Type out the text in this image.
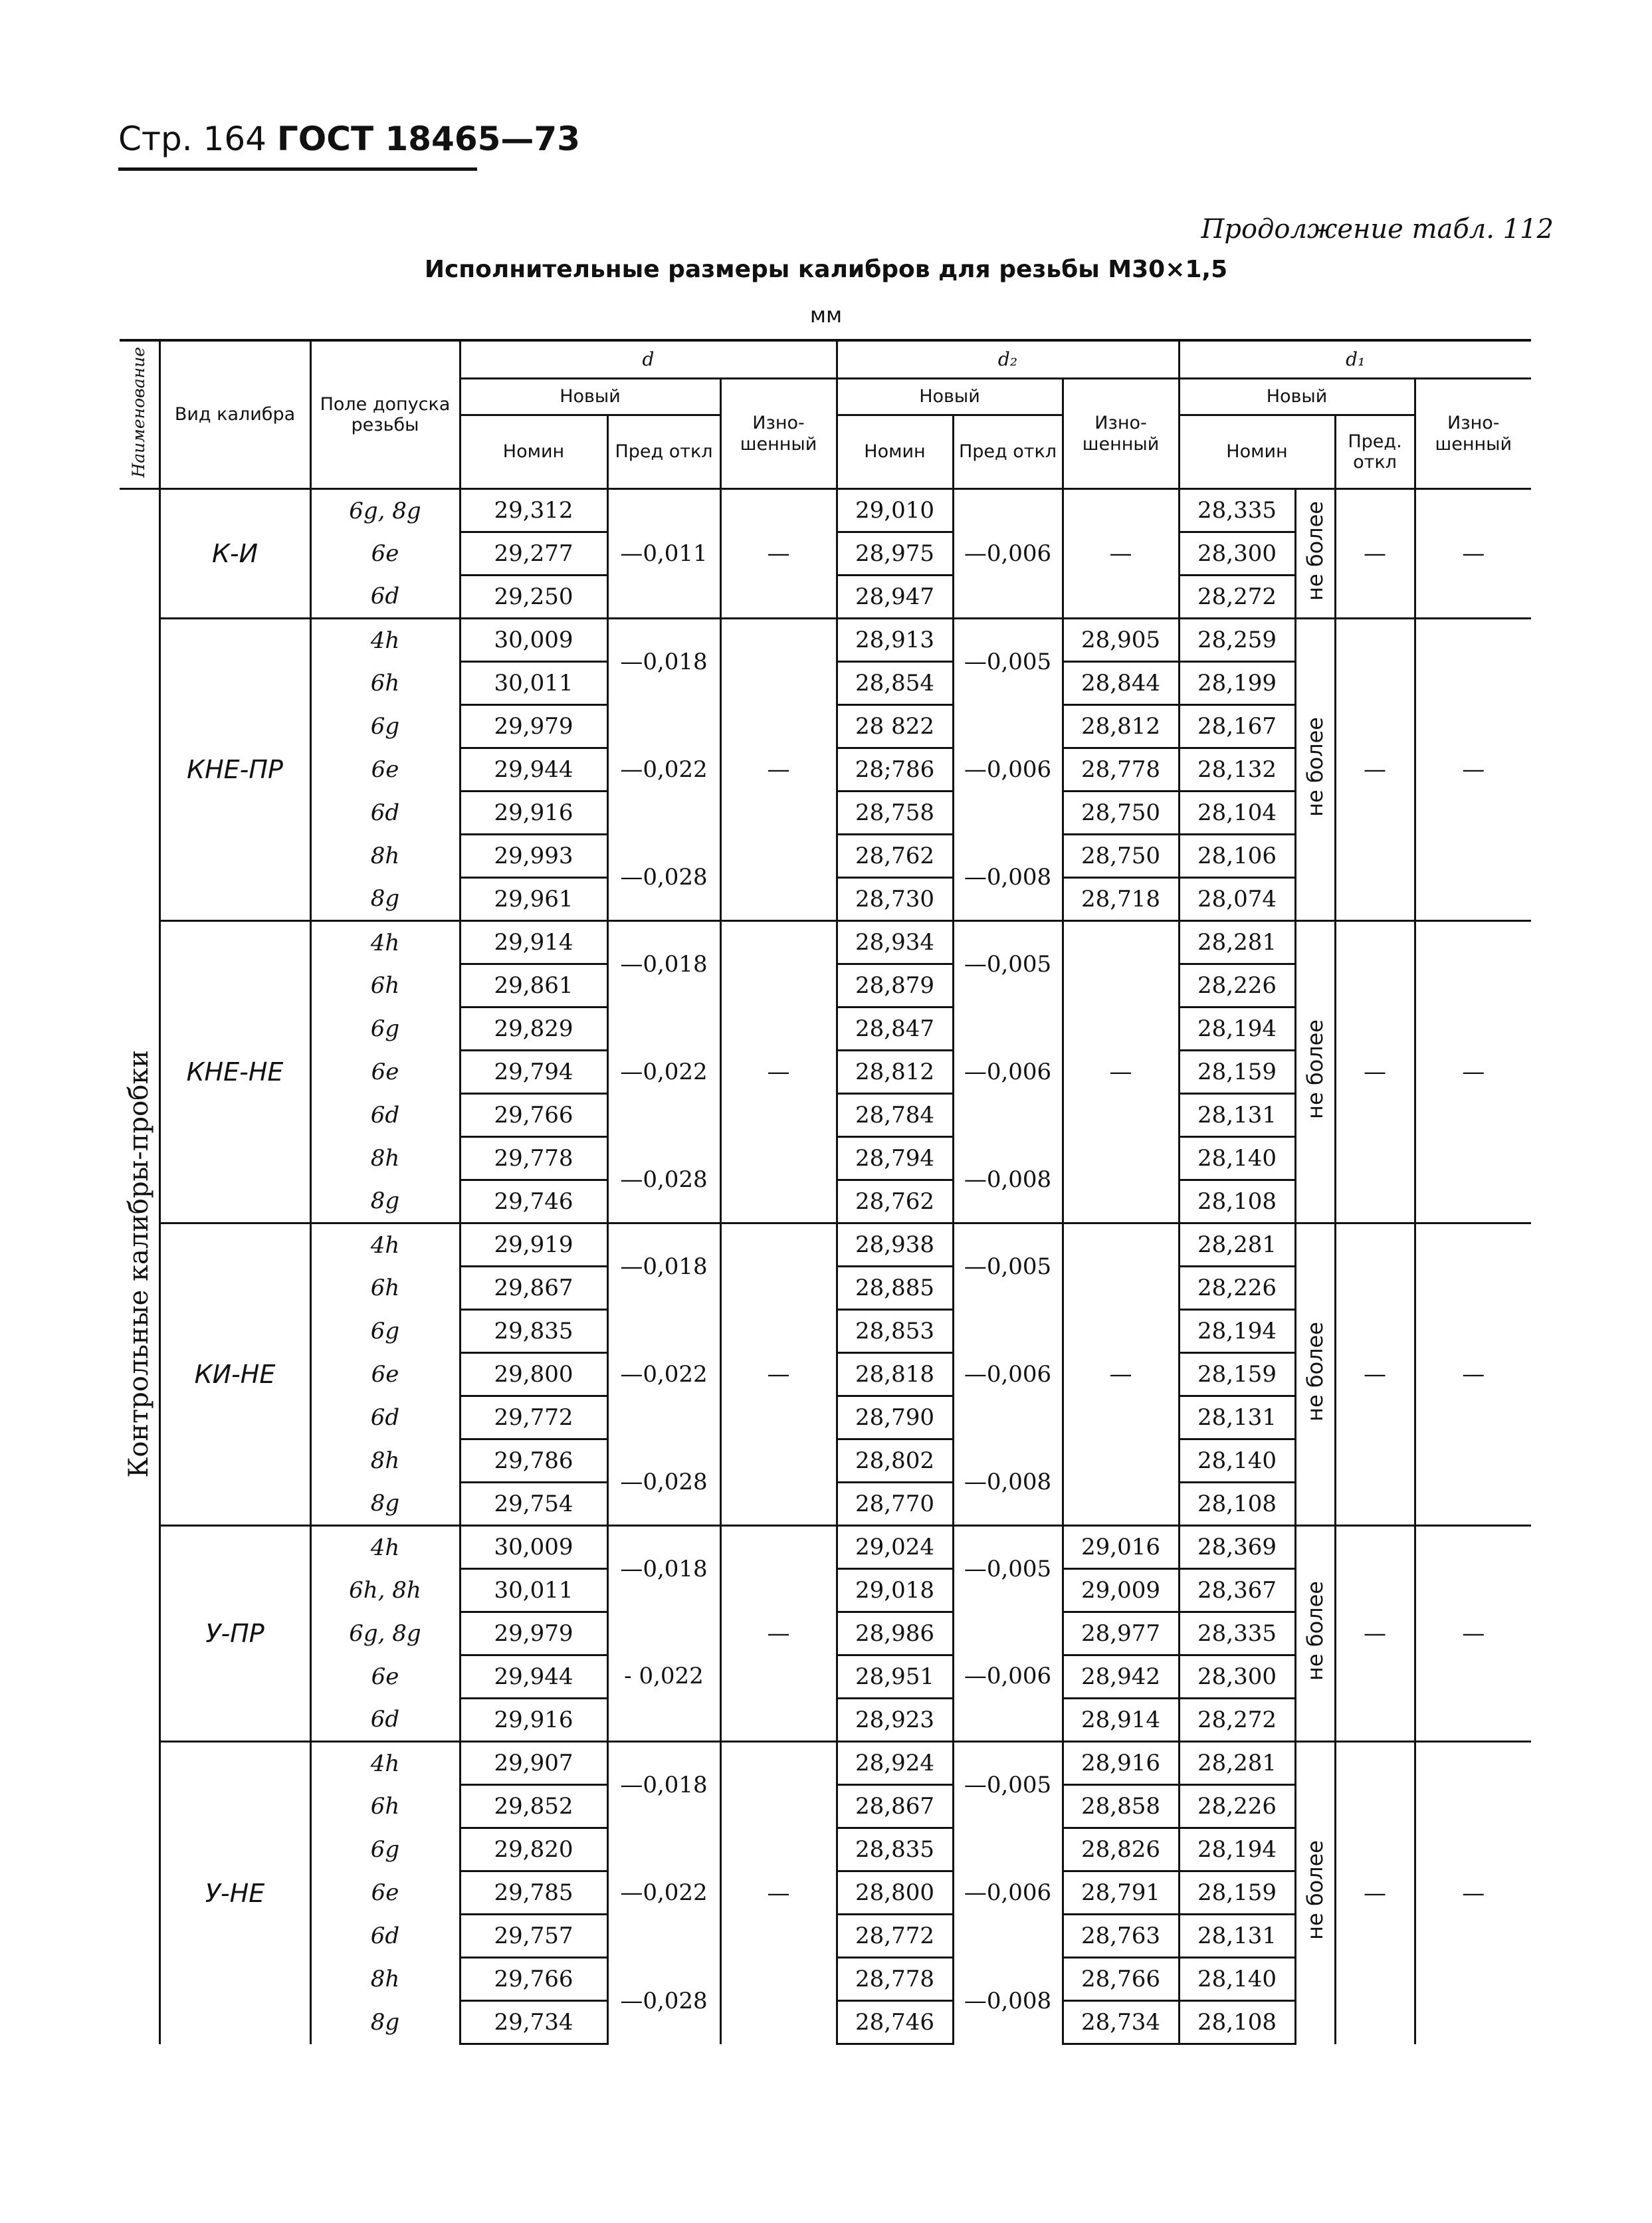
Стр. 164 ГОСТ 18465—73
Продолжение табл. 112
Исполнительные размеры калибров для резьбы M30×1,5
мм
Наименование	Вид калибра	Поле допуска резьбы	d			d₂			d₁			
			Новый		Изно- шенный	Новый		Изно- шенный	Новый			Изно- шенный
			Номин	Пред откл		Номин	Пред откл		Номин		Пред. откл	
Контрольные калибры-пробки	К-И	6g, 8g	29,312	—0,011	—	29,010	—0,006	—	28,335	не более	—	—
		6e	29,277			28,975			28,300			
		6d	29,250			28,947			28,272			
	КНЕ-ПР	4h	30,009	—0,018	—	28,913	—0,005	28,905	28,259	не более	—	—
		6h	30,011			28,854		28,844	28,199			
		6g	29,979	—0,022		28 822	—0,006	28,812	28,167			
		6e	29,944			28;786		28,778	28,132			
		6d	29,916			28,758		28,750	28,104			
		8h	29,993	—0,028		28,762	—0,008	28,750	28,106			
		8g	29,961			28,730		28,718	28,074			
	КНЕ-НЕ	4h	29,914	—0,018	—	28,934	—0,005	—	28,281	не более	—	—
		6h	29,861			28,879			28,226			
		6g	29,829	—0,022		28,847	—0,006		28,194			
		6e	29,794			28,812			28,159			
		6d	29,766			28,784			28,131			
		8h	29,778	—0,028		28,794	—0,008		28,140			
		8g	29,746			28,762			28,108			
	КИ-НЕ	4h	29,919	—0,018	—	28,938	—0,005	—	28,281	не более	—	—
		6h	29,867			28,885			28,226			
		6g	29,835	—0,022		28,853	—0,006		28,194			
		6e	29,800			28,818			28,159			
		6d	29,772			28,790			28,131			
		8h	29,786	—0,028		28,802	—0,008		28,140			
		8g	29,754			28,770			28,108			
	У-ПР	4h	30,009	—0,018	—	29,024	—0,005	29,016	28,369	не более	—	—
		6h, 8h	30,011			29,018		29,009	28,367			
		6g, 8g	29,979	- 0,022		28,986	—0,006	28,977	28,335			
		6e	29,944			28,951		28,942	28,300			
		6d	29,916			28,923		28,914	28,272			
	У-НЕ	4h	29,907	—0,018	—	28,924	—0,005	28,916	28,281	не более	—	—
		6h	29,852			28,867		28,858	28,226			
		6g	29,820	—0,022		28,835	—0,006	28,826	28,194			
		6e	29,785			28,800		28,791	28,159			
		6d	29,757			28,772		28,763	28,131			
		8h	29,766	—0,028		28,778	—0,008	28,766	28,140			
		8g	29,734			28,746		28,734	28,108			
